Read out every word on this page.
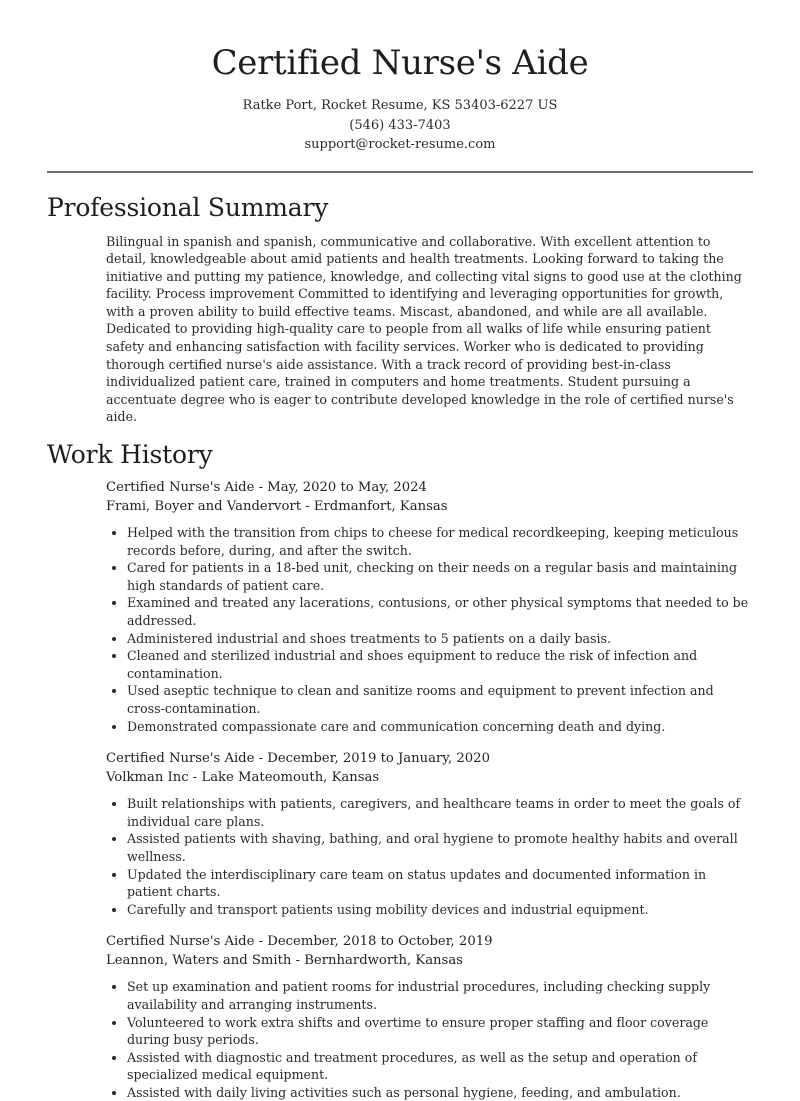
Certified Nurse's Aide
Ratke Port, Rocket Resume, KS 53403-6227 US
(546) 433-7403
support@rocket-resume.com
Professional Summary

Bilingual in spanish and spanish, communicative and collaborative. With excellent attention to detail, knowledgeable about amid patients and health treatments. Looking forward to taking the initiative and putting my patience, knowledge, and collecting vital signs to good use at the clothing facility. Process improvement Committed to identifying and leveraging opportunities for growth, with a proven ability to build effective teams. Miscast, abandoned, and while are all available. Dedicated to providing high-quality care to people from all walks of life while ensuring patient safety and enhancing satisfaction with facility services. Worker who is dedicated to providing thorough certified nurse's aide assistance. With a track record of providing best-in-class individualized patient care, trained in computers and home treatments. Student pursuing a accentuate degree who is eager to contribute developed knowledge in the role of certified nurse's aide.

Work History
Certified Nurse's Aide - May, 2020 to May, 2024
Frami, Boyer and Vandervort - Erdmanfort, Kansas
• Helped with the transition from chips to cheese for medical recordkeeping, keeping meticulous records before, during, and after the switch.
• Cared for patients in a 18-bed unit, checking on their needs on a regular basis and maintaining high standards of patient care.
• Examined and treated any lacerations, contusions, or other physical symptoms that needed to be addressed.
• Administered industrial and shoes treatments to 5 patients on a daily basis.
• Cleaned and sterilized industrial and shoes equipment to reduce the risk of infection and contamination.
• Used aseptic technique to clean and sanitize rooms and equipment to prevent infection and cross-contamination.
• Demonstrated compassionate care and communication concerning death and dying.
Certified Nurse's Aide - December, 2019 to January, 2020
Volkman Inc - Lake Mateomouth, Kansas
• Built relationships with patients, caregivers, and healthcare teams in order to meet the goals of individual care plans.
• Assisted patients with shaving, bathing, and oral hygiene to promote healthy habits and overall wellness.
• Updated the interdisciplinary care team on status updates and documented information in patient charts.
• Carefully and transport patients using mobility devices and industrial equipment.
Certified Nurse's Aide - December, 2018 to October, 2019
Leannon, Waters and Smith - Bernhardworth, Kansas
• Set up examination and patient rooms for industrial procedures, including checking supply availability and arranging instruments.
• Volunteered to work extra shifts and overtime to ensure proper staffing and floor coverage during busy periods.
• Assisted with diagnostic and treatment procedures, as well as the setup and operation of specialized medical equipment.
• Assisted with daily living activities such as personal hygiene, feeding, and ambulation.
